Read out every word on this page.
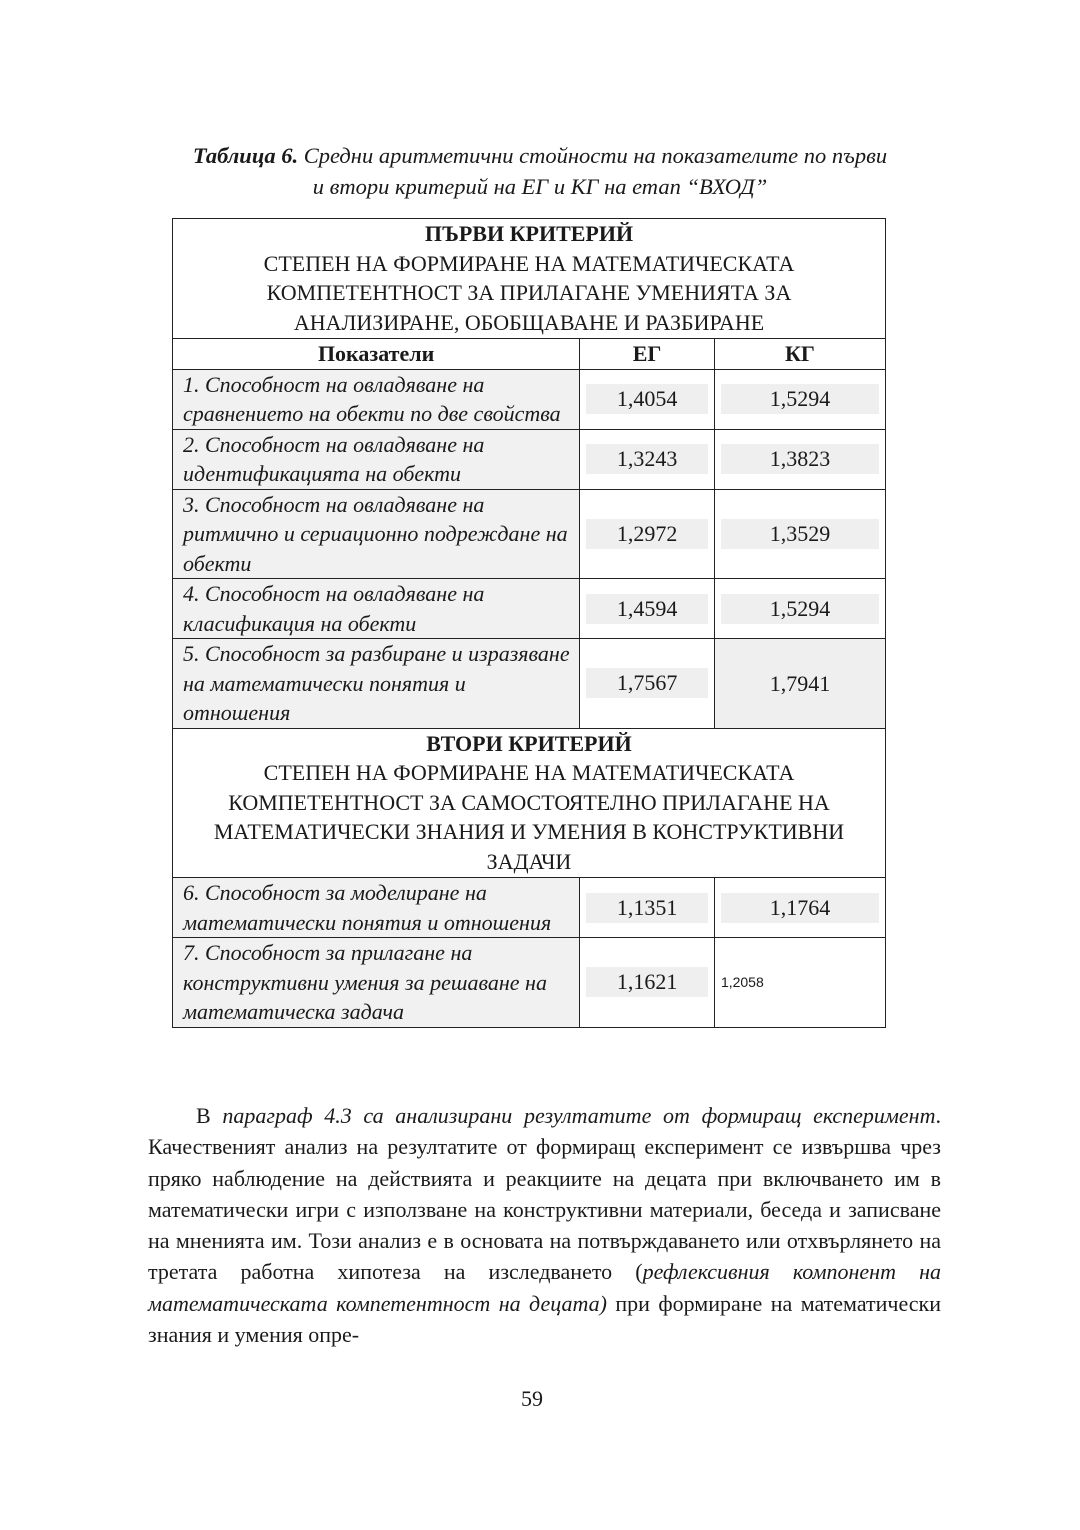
Таблица 6. Средни аритметични стойности на показателите по първи
и втори критерий на ЕГ и КГ на етап “ВХОД”
ПЪРВИ КРИТЕРИЙ
СТЕПЕН НА ФОРМИРАНЕ НА МАТЕМАТИЧЕСКАТА КОМПЕТЕНТНОСТ ЗА ПРИЛАГАНЕ УМЕНИЯТА ЗА АНАЛИЗИРАНЕ, ОБОБЩАВАНЕ И РАЗБИРАНЕ		

Показатели	ЕГ	КГ
1. Способност на овладяване на сравнението на обекти по две свойства	1,4054	1,5294

2. Способност на овладяване на идентификацията на обекти	1,3243	1,3823

3. Способност на овладяване на ритмично и сериационно подреждане на обекти	1,2972	1,3529

4. Способност на овладяване на класификация на обекти	1,4594	1,5294

5. Способност за разбиране и изразяване на математически понятия и отношения	1,7567	1,7941

ВТОРИ КРИТЕРИЙ
СТЕПЕН НА ФОРМИРАНЕ НА МАТЕМАТИЧЕСКАТА КОМПЕТЕНТНОСТ ЗА САМОСТОЯТЕЛНО ПРИЛАГАНЕ НА МАТЕМАТИЧЕСКИ ЗНАНИЯ И УМЕНИЯ В КОНСТРУКТИВНИ ЗАДАЧИ		

6. Способност за моделиране на математически понятия и отношения	1,1351	1,1764

7. Способност за прилагане на конструктивни умения за решаване на математическа задача	1,1621	1,2058

В параграф 4.3 са анализирани резултатите от формиращ експеримент. Качественият анализ на резултатите от формиращ експеримент се извършва чрез пряко наблюдение на действията и реакциите на децата при включването им в математически игри с използване на конструктивни материали, беседа и записване на мненията им. Този анализ е в основата на потвърждаването или отхвърлянето на третата работна хипотеза на изследването (рефлексивния компонент на математическата компетентност на децата) при формиране на математически знания и умения опре-

59
